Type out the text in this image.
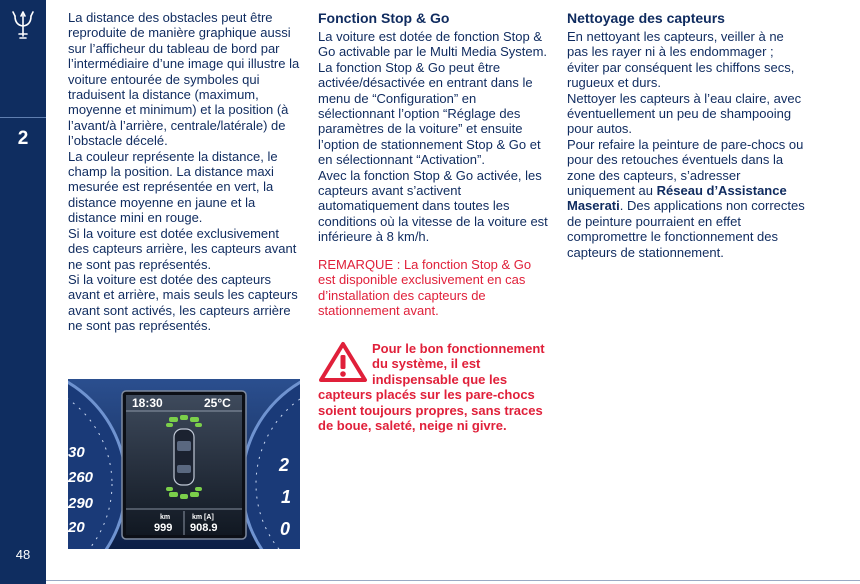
2
48

La distance des obstacles peut être reproduite de manière graphique aussi sur l’afficheur du tableau de bord par l’intermédiaire d’une image qui illustre la voiture entourée de symboles qui traduisent la distance (maximum, moyenne et minimum) et la position (à l’avant/à l’arrière, centrale/latérale) de l’obstacle décelé.

La couleur représente la distance, le champ la position. La distance maxi mesurée est représentée en vert, la distance moyenne en jaune et la distance mini en rouge.

Si la voiture est dotée exclusivement des capteurs arrière, les capteurs avant ne sont pas représentés.

Si la voiture est dotée des capteurs avant et arrière, mais seuls les capteurs avant sont activés, les capteurs arrière ne sont pas représentés.

30
260
290
20
2
1
0
18:30	25°C
km
999
km [A]
908.9
Fonction Stop & Go

La voiture est dotée de fonction Stop & Go activable par le Multi Media System. La fonction Stop & Go peut être activée/désactivée en entrant dans le menu de “Configuration” en sélectionnant l’option “Réglage des paramètres de la voiture” et ensuite l’option de stationnement Stop & Go et en sélectionnant “Activation”.

Avec la fonction Stop & Go activée, les capteurs avant s’activent automatiquement dans toutes les conditions où la vitesse de la voiture est inférieure à 8 km/h.

REMARQUE : La fonction Stop & Go est disponible exclusivement en cas d’installation des capteurs de stationnement avant.

Pour le bon fonctionnement du système, il est indispensable que les capteurs placés sur les pare-chocs soient toujours propres, sans traces de boue, saleté, neige ni givre.
Nettoyage des capteurs

En nettoyant les capteurs, veiller à ne pas les rayer ni à les endommager ; éviter par conséquent les chiffons secs, rugueux et durs.

Nettoyer les capteurs à l’eau claire, avec éventuellement un peu de shampooing pour autos.

Pour refaire la peinture de pare-chocs ou pour des retouches éventuels dans la zone des capteurs, s’adresser uniquement au Réseau d’Assistance Maserati. Des applications non correctes de peinture pourraient en effet compromettre le fonctionnement des capteurs de stationnement.
